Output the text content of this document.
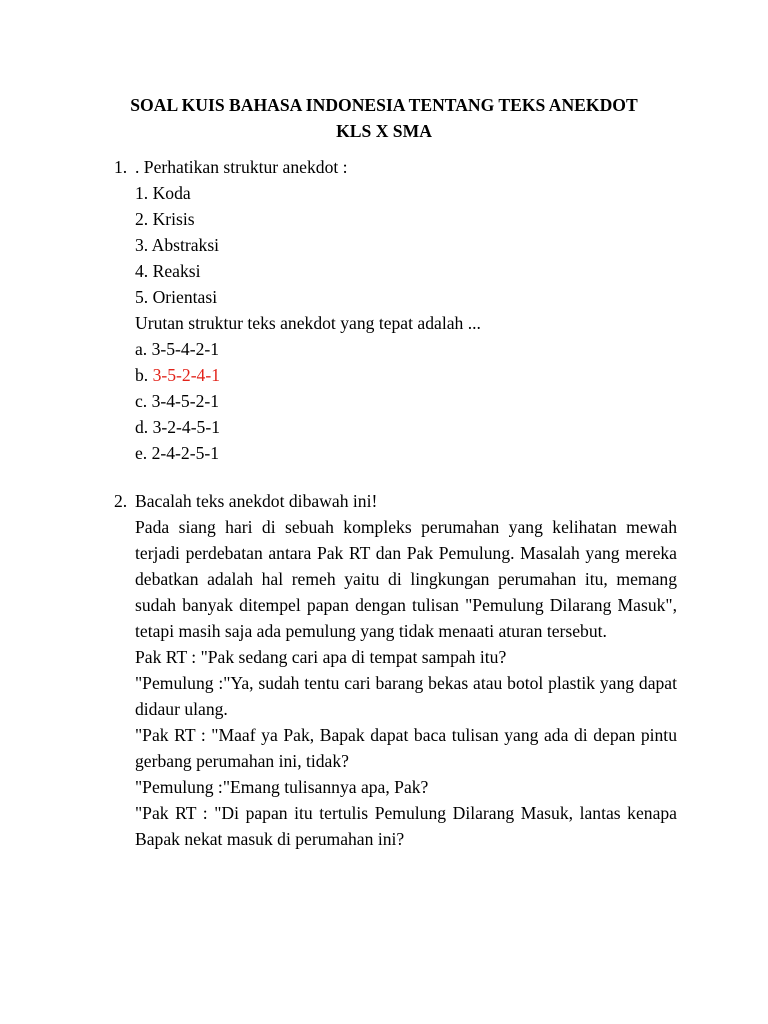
SOAL KUIS BAHASA INDONESIA TENTANG TEKS ANEKDOT
KLS X SMA
1. . Perhatikan struktur anekdot :
1. Koda
2. Krisis
3. Abstraksi
4. Reaksi
5. Orientasi
Urutan struktur teks anekdot yang tepat adalah ...
a. 3-5-4-2-1
b. 3-5-2-4-1
c. 3-4-5-2-1
d. 3-2-4-5-1
e. 2-4-2-5-1
2. Bacalah teks anekdot dibawah ini!
Pada siang hari di sebuah kompleks perumahan yang kelihatan mewah terjadi perdebatan antara Pak RT dan Pak Pemulung. Masalah yang mereka debatkan adalah hal remeh yaitu di lingkungan perumahan itu, memang sudah banyak ditempel papan dengan tulisan "Pemulung Dilarang Masuk", tetapi masih saja ada pemulung yang tidak menaati aturan tersebut.
Pak RT : "Pak sedang cari apa di tempat sampah itu?
"Pemulung :"Ya, sudah tentu cari barang bekas atau botol plastik yang dapat didaur ulang.
"Pak RT : "Maaf ya Pak, Bapak dapat baca tulisan yang ada di depan pintu gerbang perumahan ini, tidak?
"Pemulung :"Emang tulisannya apa, Pak?
"Pak RT : "Di papan itu tertulis Pemulung Dilarang Masuk, lantas kenapa Bapak nekat masuk di perumahan ini?
